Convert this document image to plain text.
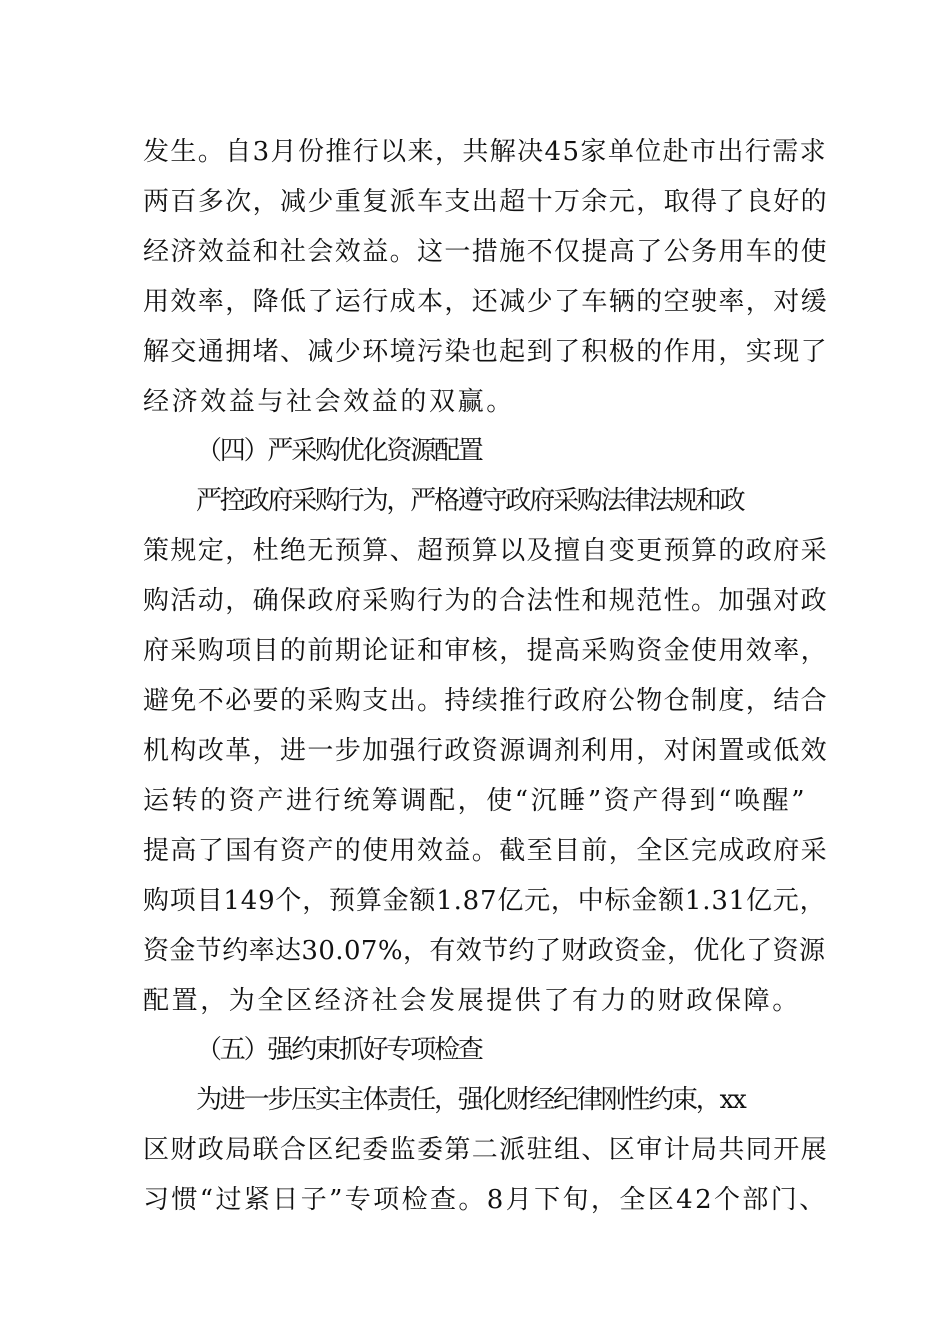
发生。自3月份推行以来，共解决45家单位赴市出行需求
两百多次，减少重复派车支出超十万余元，取得了良好的
经济效益和社会效益。这一措施不仅提高了公务用车的使
用效率，降低了运行成本，还减少了车辆的空驶率，对缓
解交通拥堵、减少环境污染也起到了积极的作用，实现了
经济效益与社会效益的双赢。
（四）严采购优化资源配置
严控政府采购行为，严格遵守政府采购法律法规和政
策规定，杜绝无预算、超预算以及擅自变更预算的政府采
购活动，确保政府采购行为的合法性和规范性。加强对政
府采购项目的前期论证和审核，提高采购资金使用效率，
避免不必要的采购支出。持续推行政府公物仓制度，结合
机构改革，进一步加强行政资源调剂利用，对闲置或低效
运转的资产进行统筹调配，使“沉睡”资产得到“唤醒”
提高了国有资产的使用效益。截至目前，全区完成政府采
购项目149个，预算金额1.87亿元，中标金额1.31亿元，
资金节约率达30.07%，有效节约了财政资金，优化了资源
配置，为全区经济社会发展提供了有力的财政保障。
（五）强约束抓好专项检查
为进一步压实主体责任，强化财经纪律刚性约束，xx
区财政局联合区纪委监委第二派驻组、区审计局共同开展
习惯“过紧日子”专项检查。8月下旬，全区42个部门、
